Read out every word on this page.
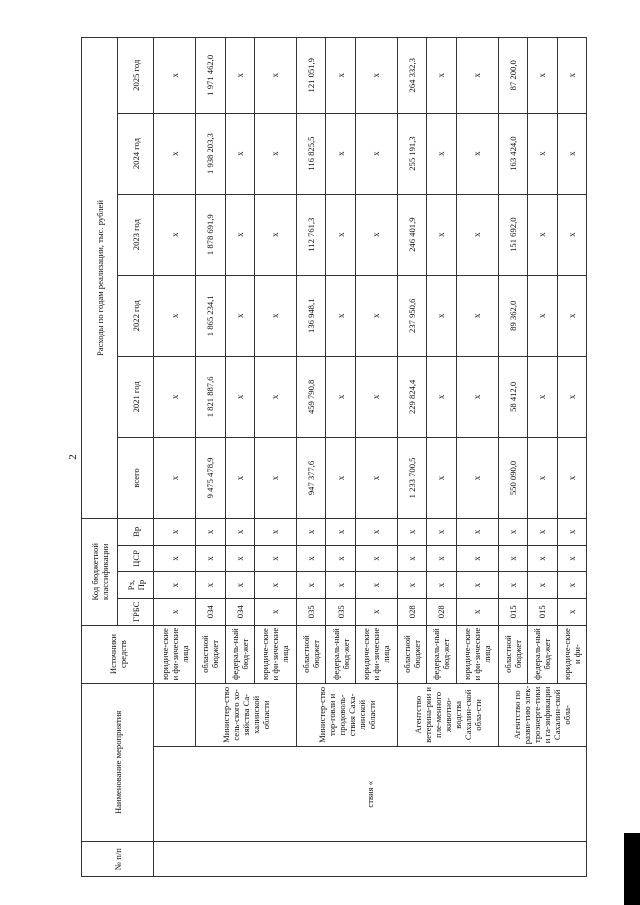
2
№ п/п	Наименование мероприятия		Источники средств	Код бюджетной классификации				Расходы по годам реализации, тыс. рублей					
				ГРБС	Рз, Пр	ЦСР	Вр	всего	2021 год	2022 год	2023 год	2024 год	2025 год
	ствия «		юридиче-ские и фи-зические лица	х	х	х	х	х	х	х	х	х	х
		Министер-ство сель-ского хо-зяйства Са-халинской области	областной бюджет	034	х	х	х	9 475 478,9	1 821 887,6	1 865 234,1	1 878 691,9	1 938 203,3	1 971 462,0
			федераль-ный бюд-жет	034	х	х	х	х	х	х	х	х	х
			юридиче-ские и фи-зические лица	х	х	х	х	х	х	х	х	х	х
		Министер-ство тор-говли и продоволь-ствия Саха-линской области	областной бюджет	035	х	х	х	947 377,6	459 790,8	136 948,1	112 761,3	116 825,5	121 051,9
			федераль-ный бюд-жет	035	х	х	х	х	х	х	х	х	х
			юридиче-ские и фи-зические лица	х	х	х	х	х	х	х	х	х	х
		Агентство ветерина-рии и пле-менного животно-водства Сахалин-ской обла-сти	областной бюджет	028	х	х	х	1 233 700,5	229 824,4	237 950,6	246 401,9	255 191,3	264 332,3
			федераль-ный бюд-жет	028	х	х	х	х	х	х	х	х	х
			юридиче-ские и фи-зические лица	х	х	х	х	х	х	х	х	х	х
		Агентство по разви-тию элек-троэнерге-тики и га-зификации Сахалин-ской обла-	областной бюджет	015	х	х	х	550 090,0	58 412,0	89 362,0	151 692,0	163 424,0	87 200,0
			федераль-ный бюд-жет	015	х	х	х	х	х	х	х	х	х
			юридиче-ские и фи-	х	х	х	х	х	х	х	х	х	х
